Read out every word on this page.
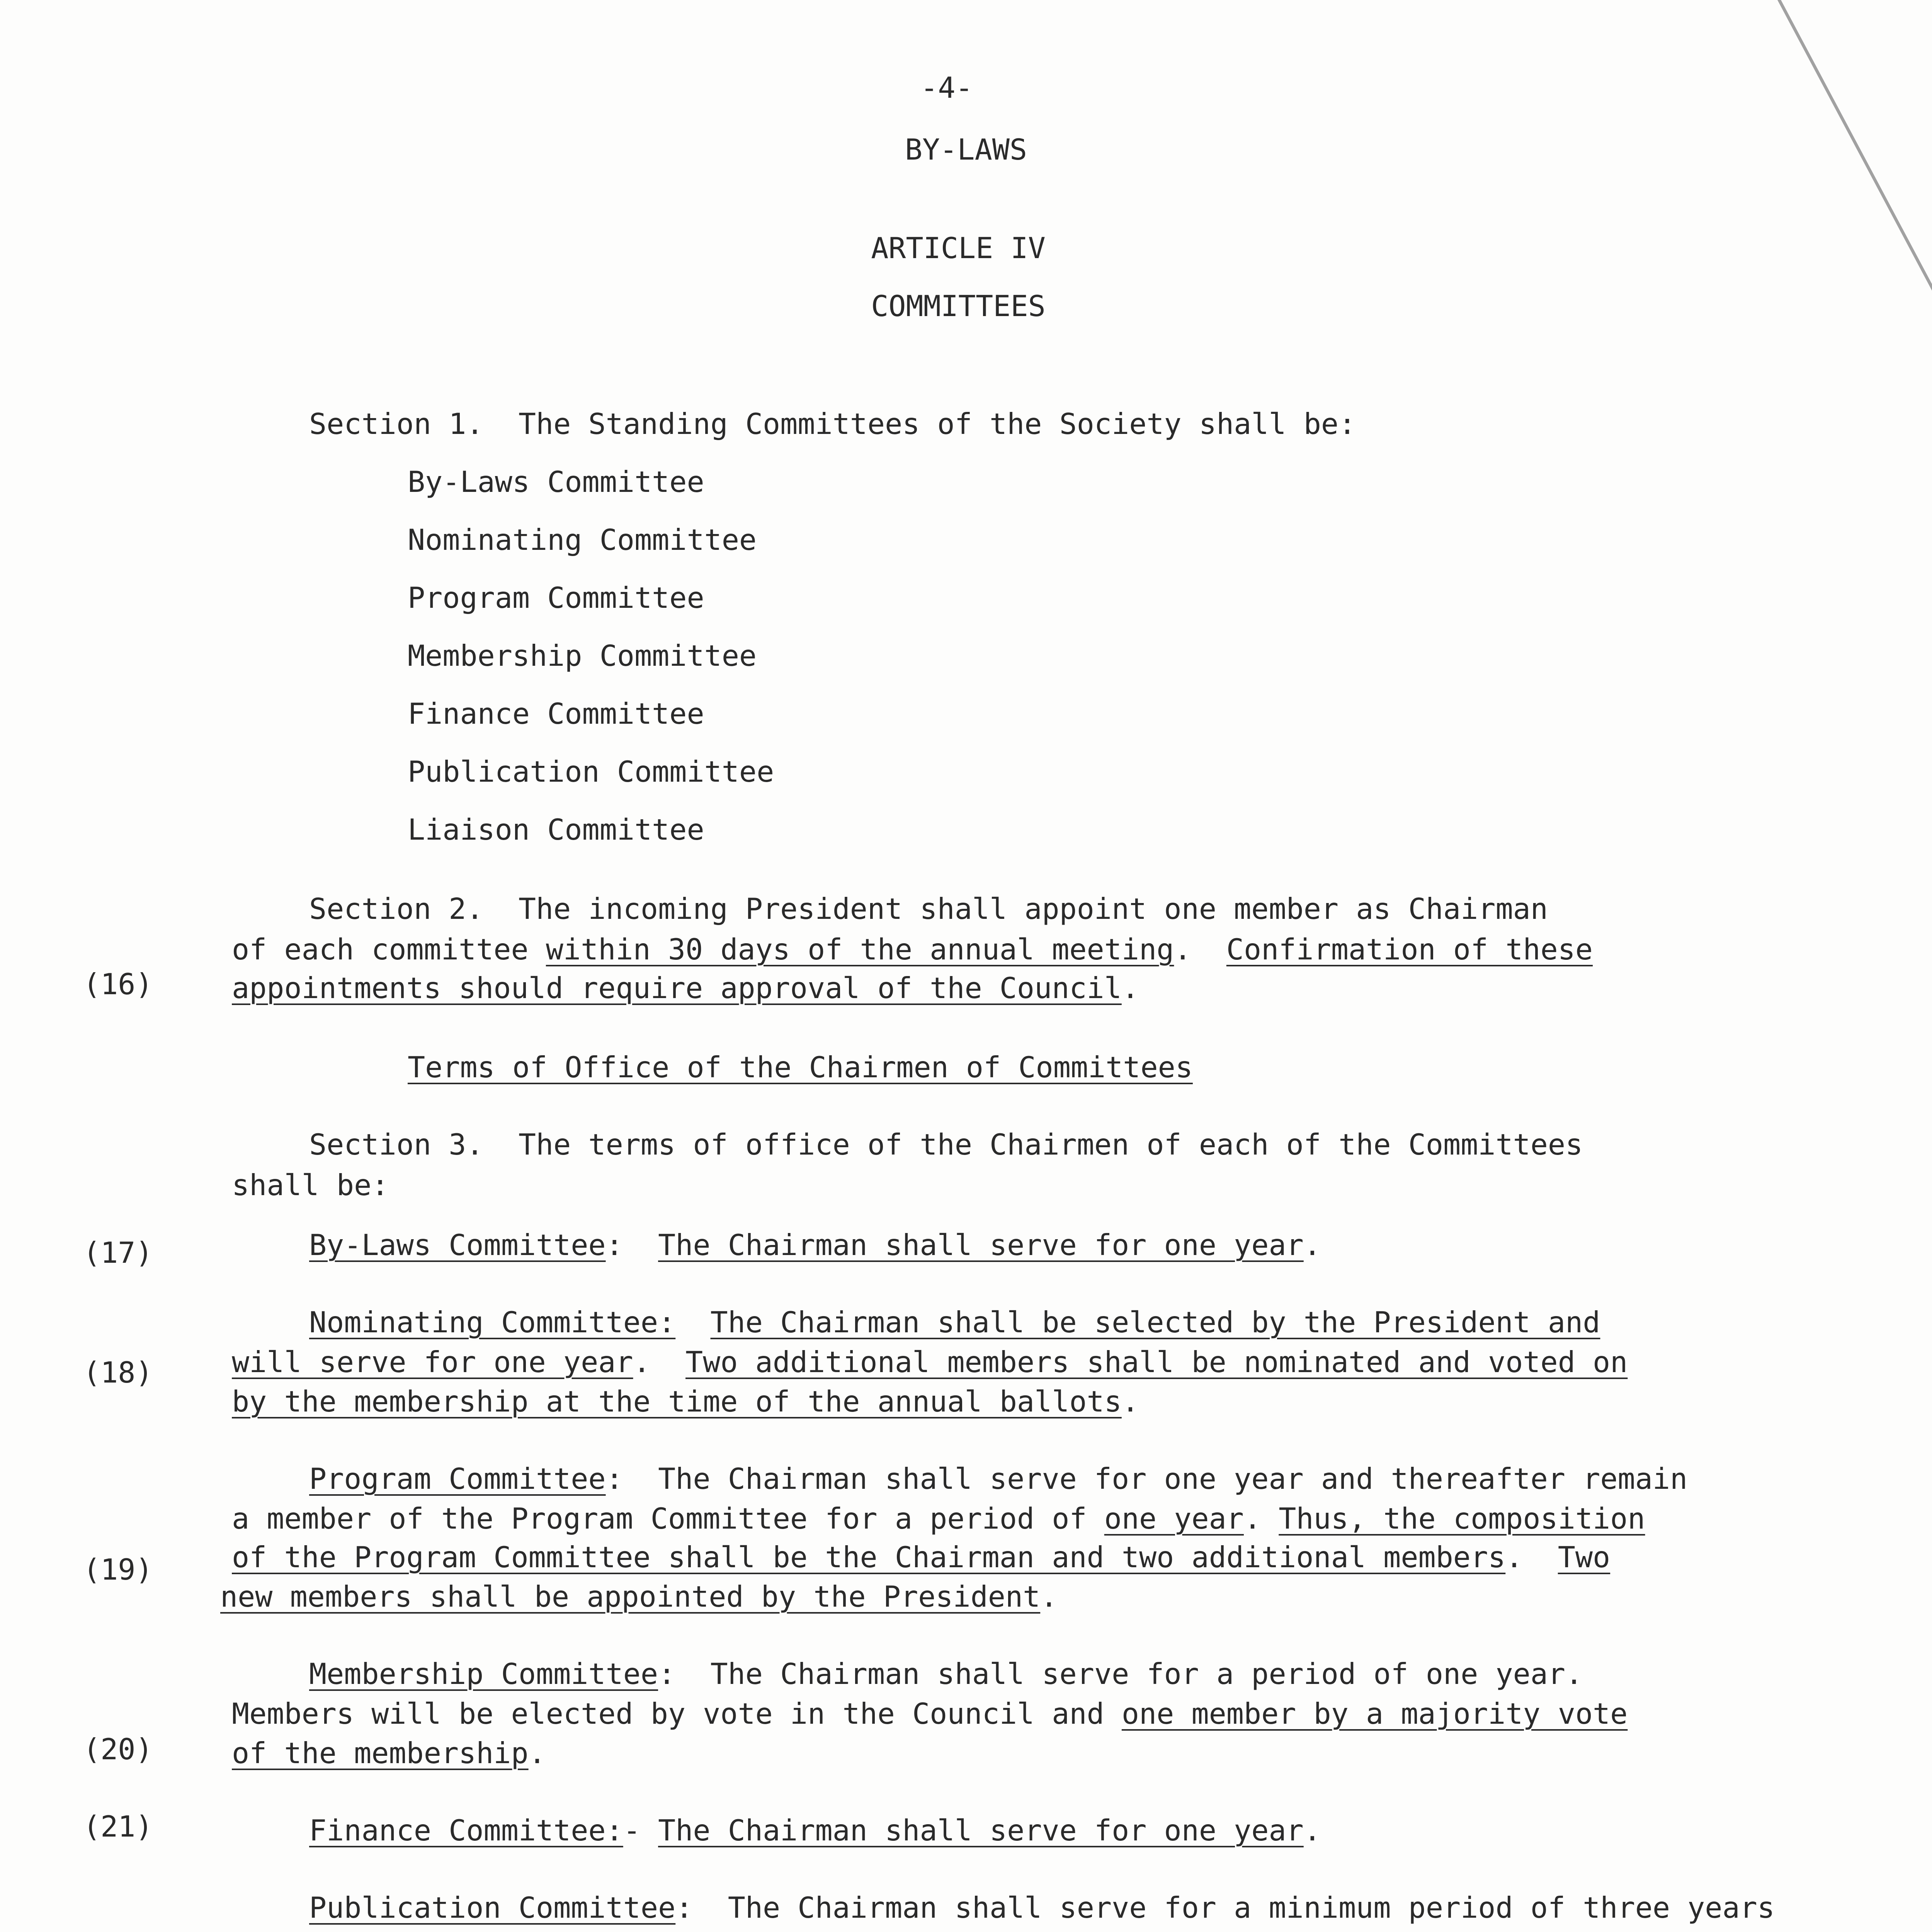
-4-
BY-LAWS
ARTICLE IV
COMMITTEES
Section 1.  The Standing Committees of the Society shall be:
By-Laws Committee
Nominating Committee
Program Committee
Membership Committee
Finance Committee
Publication Committee
Liaison Committee
Section 2.  The incoming President shall appoint one member as Chairman
of each committee within 30 days of the annual meeting.  Confirmation of these
appointments should require approval of the Council.
(16)
Terms of Office of the Chairmen of Committees
Section 3.  The terms of office of the Chairmen of each of the Committees
shall be:
By-Laws Committee:  The Chairman shall serve for one year.
(17)
Nominating Committee: The Chairman shall be selected by the President and
will serve for one year.  Two additional members shall be nominated and voted on
by the membership at the time of the annual ballots.
(18)
Program Committee:  The Chairman shall serve for one year and thereafter remain
a member of the Program Committee for a period of one year. Thus, the composition
of the Program Committee shall be the Chairman and two additional members.  Two
new members shall be appointed by the President.
(19)
Membership Committee:  The Chairman shall serve for a period of one year.
Members will be elected by vote in the Council and one member by a majority vote
of the membership.
(20)
Finance Committee:- The Chairman shall serve for one year.
(21)
Publication Committee:  The Chairman shall serve for a minimum period of three years
